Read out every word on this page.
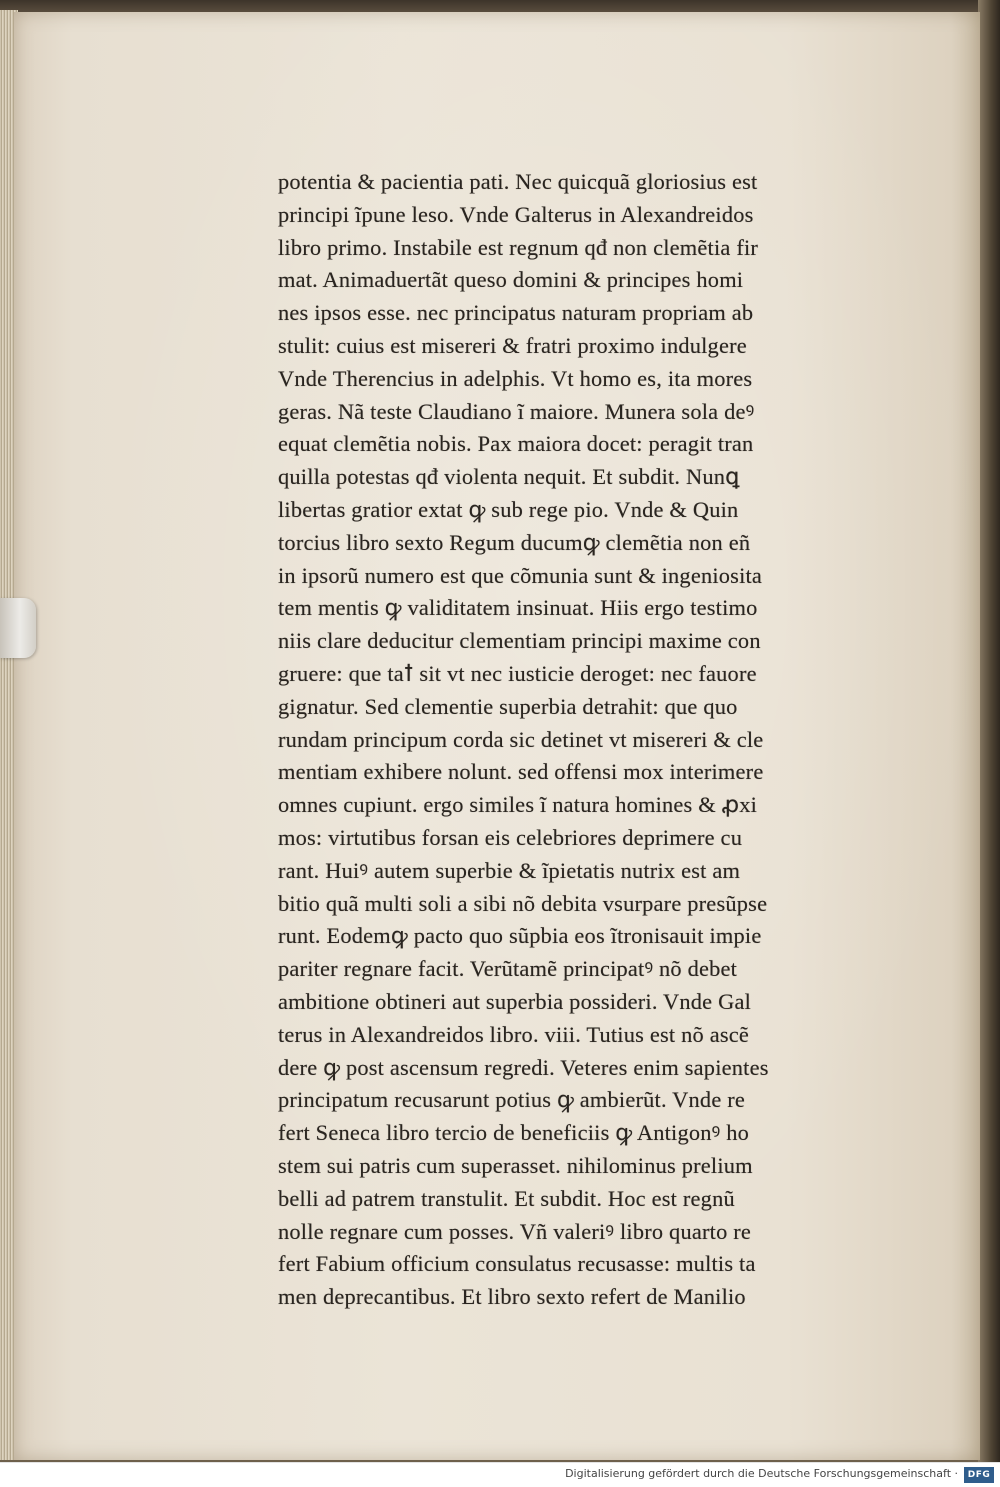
potentia & pacientia pati. Nec quicquã gloriosius est
principi ĩpune leso. Vnde Galterus in Alexandreidos
libro primo. Instabile est regnum qđ non clemẽtia fir
mat. Animaduertãt queso domini & principes homi
nes ipsos esse. nec principatus naturam propriam ab
stulit: cuius est misereri & fratri proximo indulgere
Vnde Therencius in adelphis. Vt homo es, ita mores
geras. Nã teste Claudiano ĩ maiore. Munera sola deꝰ
equat clemẽtia nobis. Pax maiora docet: peragit tran
quilla potestas qđ violenta nequit. Et subdit. Nunꝗ
libertas gratior extat ꝙ sub rege pio. Vnde & Quin
torcius libro sexto Regum ducumꝙ clemẽtia non eñ
in ipsorũ numero est que cõmunia sunt & ingeniosita
tem mentis ꝙ validitatem insinuat. Hiis ergo testimo
niis clare deducitur clementiam principi maxime con
gruere: que taꝉ sit vt nec iusticie deroget: nec fauore
gignatur. Sed clementie superbia detrahit: que quo
rundam principum corda sic detinet vt misereri & cle
mentiam exhibere nolunt. sed offensi mox interimere
omnes cupiunt. ergo similes ĩ natura homines & ꝓxi
mos: virtutibus forsan eis celebriores deprimere cu
rant. Huiꝰ autem superbie & ĩpietatis nutrix est am
bitio quã multi soli a sibi nõ debita vsurpare presũpse
runt. Eodemꝙ pacto quo sũpbia eos ĩtronisauit impie
pariter regnare facit. Verũtamẽ principatꝰ nõ debet
ambitione obtineri aut superbia possideri. Vnde Gal
terus in Alexandreidos libro. viii. Tutius est nõ ascẽ
dere ꝙ post ascensum regredi. Veteres enim sapientes
principatum recusarunt potius ꝙ ambierũt. Vnde re
fert Seneca libro tercio de beneficiis ꝙ Antigonꝰ ho
stem sui patris cum superasset. nihilominus prelium
belli ad patrem transtulit. Et subdit. Hoc est regnũ
nolle regnare cum posses. Vñ valeriꝰ libro quarto re
fert Fabium officium consulatus recusasse: multis ta
men deprecantibus. Et libro sexto refert de Manilio
Digitalisierung gefördert durch die Deutsche Forschungsgemeinschaft ·	DFG
